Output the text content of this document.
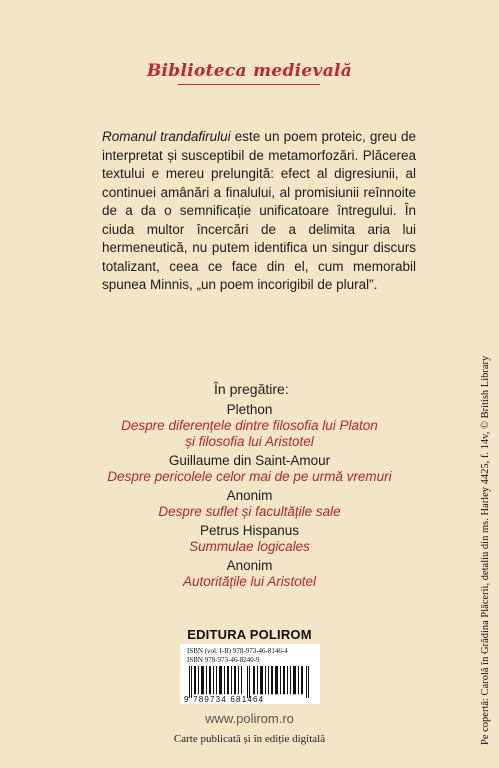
Biblioteca medievală
Romanul trandafirului este un poem proteic, greu de interpretat și susceptibil de metamorfozări. Plăcerea textului e mereu prelungită: efect al digresiunii, al continuei amânări a finalului, al promisiunii reînnoite de a da o semnificație unificatoare întregului. În ciuda multor încercări de a delimita aria lui hermeneutică, nu putem identifica un singur discurs totalizant, ceea ce face din el, cum memorabil spunea Minnis, „un poem incorigibil de plural”.
În pregătire:
Plethon
Despre diferențele dintre filosofia lui Platon
și filosofia lui Aristotel
Guillaume din Saint-Amour
Despre pericolele celor mai de pe urmă vremuri
Anonim
Despre suflet și facultățile sale
Petrus Hispanus
Summulae logicales
Anonim
Autoritățile lui Aristotel
EDITURA POLIROM
ISBN (vol. I-II) 978-973-46-8146-4
ISBN 978-973-46-8240-9
9 789734 681464
www.polirom.ro
Carte publicată și în ediție digitală	Pe copertă: Carolă în Grădina Plăcerii, detaliu din ms. Harley 4425, f. 14v, © British Library
